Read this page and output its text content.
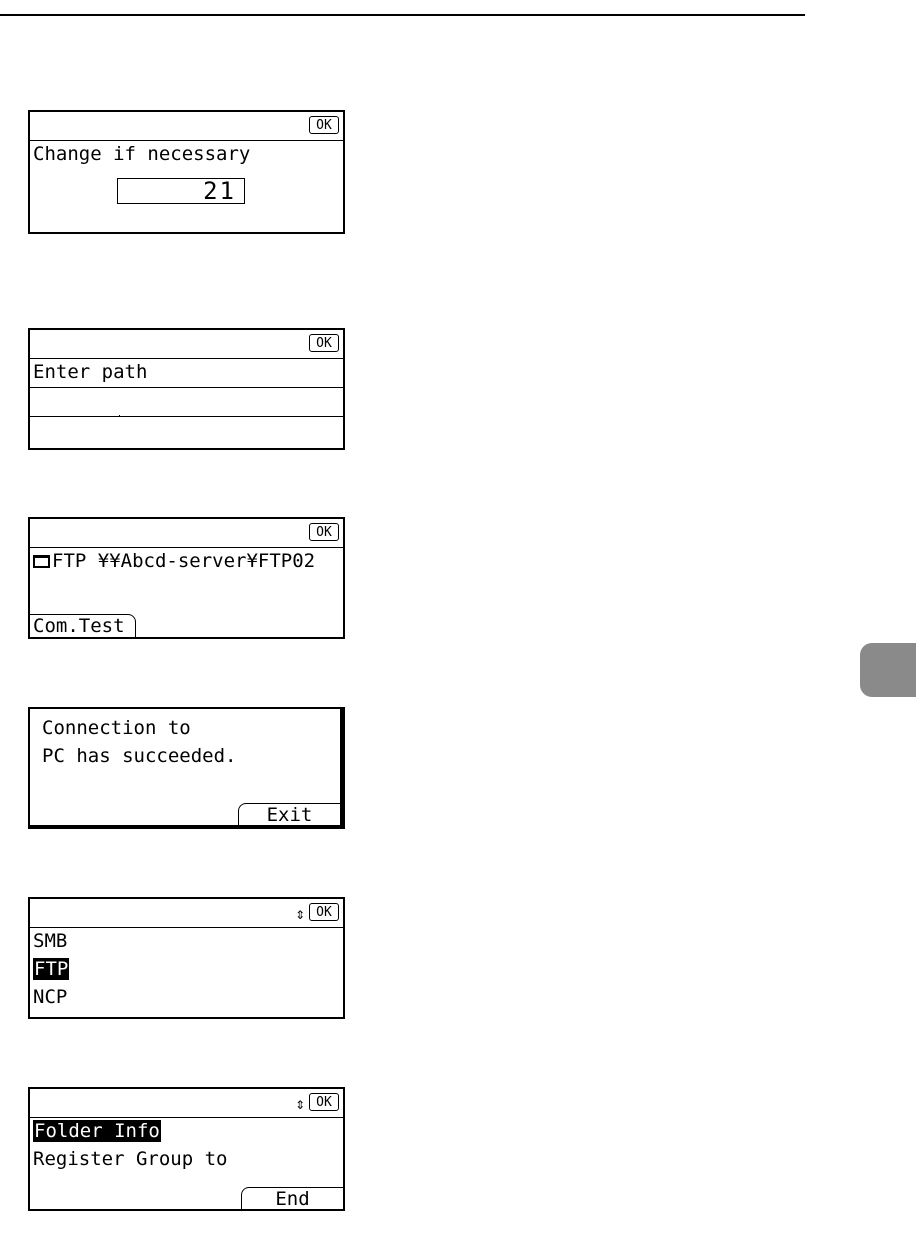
OK

Change if necessary
21

OK

Enter path

OK

FTP ¥¥Abcd-server¥FTP02
Com.Test
Connection to
PC has succeeded.
Exit

⇕

OK

SMB
FTP
NCP

⇕

OK

Folder Info
Register Group to
End
